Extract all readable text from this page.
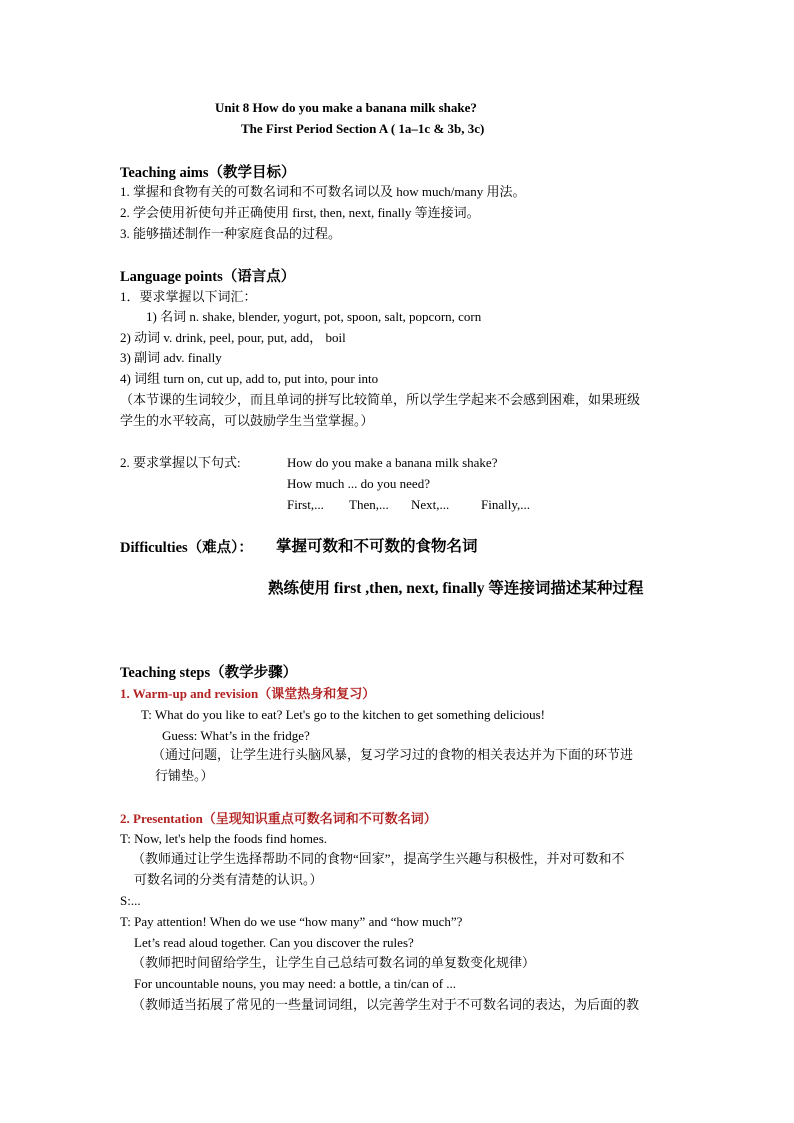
Unit 8 How do you make a banana milk shake?
The First Period Section A ( 1a–1c & 3b, 3c)
Teaching aims（教学目标）
1. 掌握和食物有关的可数名词和不可数名词以及 how much/many 用法。
2. 学会使用祈使句并正确使用 first, then, next, finally 等连接词。
3. 能够描述制作一种家庭食品的过程。
Language points（语言点）
1．要求掌握以下词汇：
1) 名词 n. shake, blender, yogurt, pot, spoon, salt, popcorn, corn
2) 动词 v. drink, peel, pour, put, add， boil
3) 副词 adv. finally
4) 词组 turn on, cut up, add to, put into, pour into
（本节课的生词较少，而且单词的拼写比较简单，所以学生学起来不会感到困难，如果班级
学生的水平较高，可以鼓励学生当堂掌握。）
2. 要求掌握以下句式:	How do you make a banana milk shake?
How much ... do you need?
First,... Then,... Next,... Finally,...
Difficulties（难点）： 掌握可数和不可数的食物名词
熟练使用 first ,then, next, finally 等连接词描述某种过程
Teaching steps（教学步骤）
1. Warm-up and revision（课堂热身和复习）
T: What do you like to eat? Let's go to the kitchen to get something delicious!
Guess: What’s in the fridge?
（通过问题，让学生进行头脑风暴，复习学习过的食物的相关表达并为下面的环节进
行铺垫。）
2. Presentation（呈现知识重点可数名词和不可数名词）
T: Now, let's help the foods find homes.
（教师通过让学生选择帮助不同的食物“回家”，提高学生兴趣与积极性，并对可数和不
可数名词的分类有清楚的认识。）
S:...
T: Pay attention! When do we use “how many” and “how much”?
Let’s read aloud together. Can you discover the rules?
（教师把时间留给学生，让学生自己总结可数名词的单复数变化规律）
For uncountable nouns, you may need: a bottle, a tin/can of ...
（教师适当拓展了常见的一些量词词组，以完善学生对于不可数名词的表达，为后面的教
